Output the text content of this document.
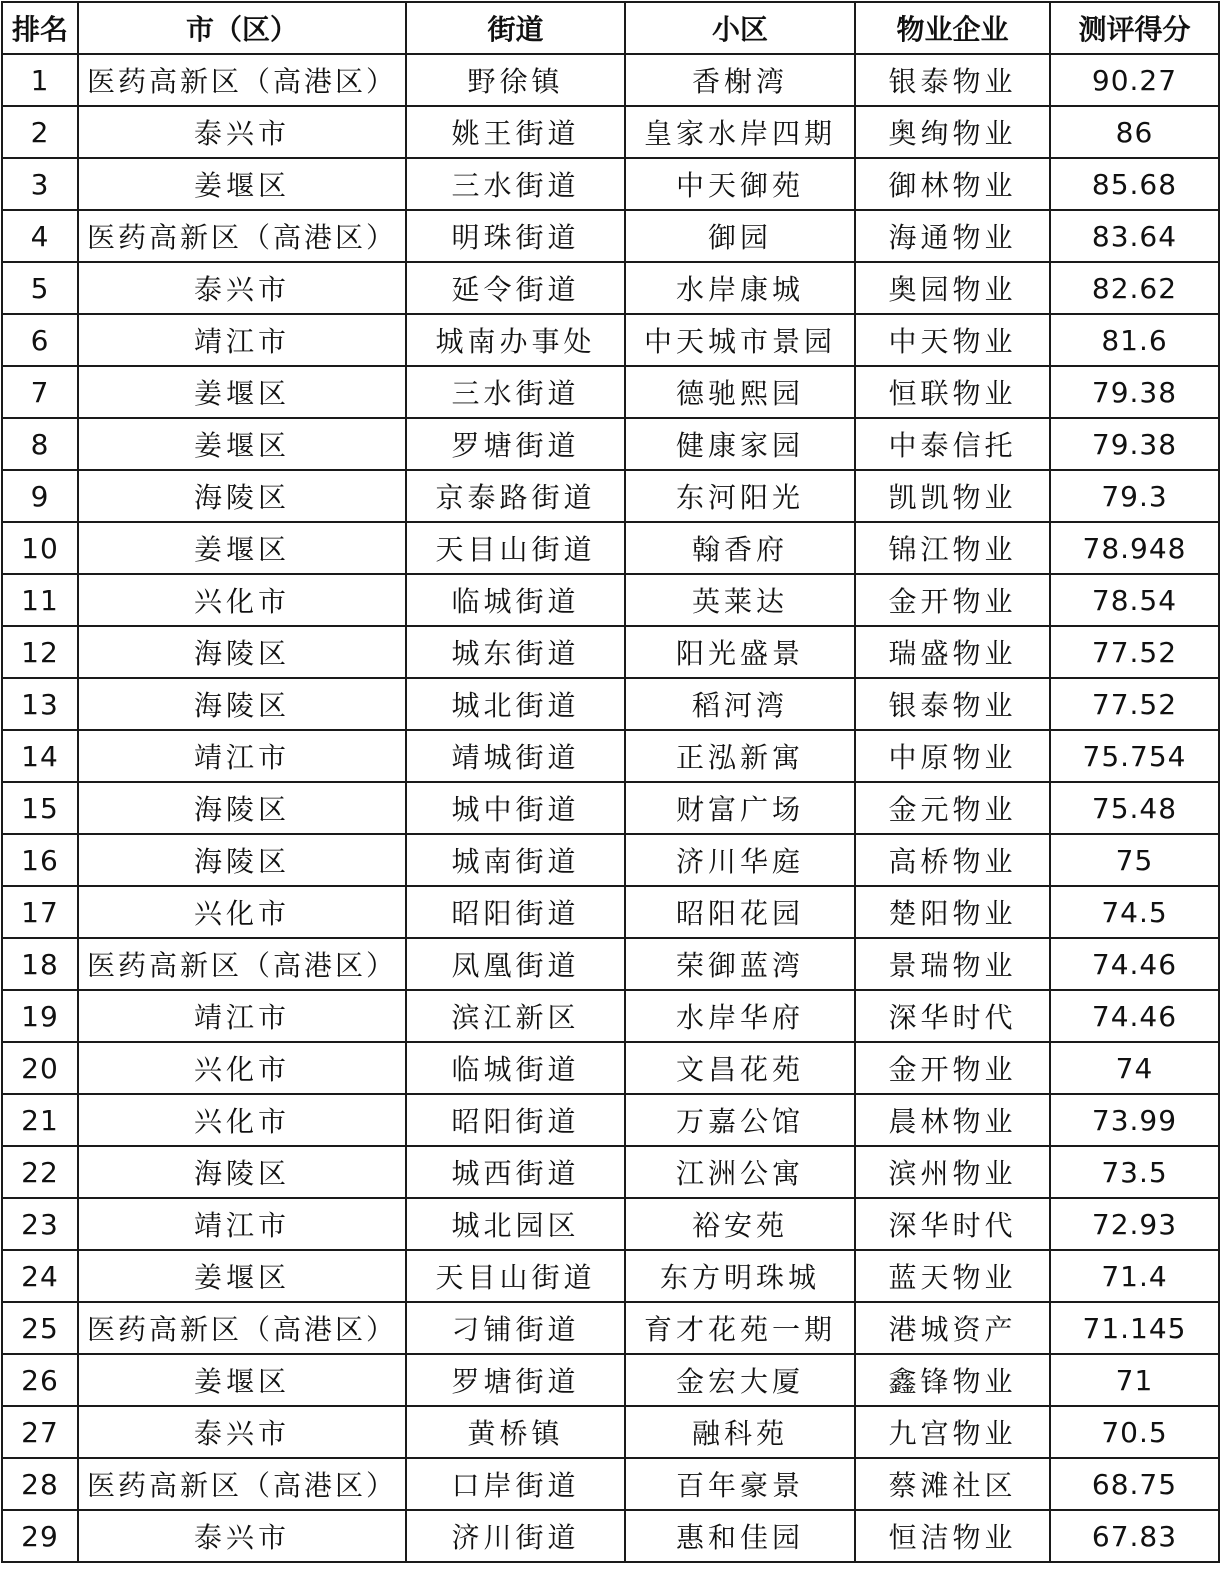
排名	市（区）	街道	小区	物业企业	测评得分
1	医药高新区（高港区）	野徐镇	香榭湾	银泰物业	90.27
2	泰兴市	姚王街道	皇家水岸四期	奥绚物业	86
3	姜堰区	三水街道	中天御苑	御林物业	85.68
4	医药高新区（高港区）	明珠街道	御园	海通物业	83.64
5	泰兴市	延令街道	水岸康城	奥园物业	82.62
6	靖江市	城南办事处	中天城市景园	中天物业	81.6
7	姜堰区	三水街道	德驰熙园	恒联物业	79.38
8	姜堰区	罗塘街道	健康家园	中泰信托	79.38
9	海陵区	京泰路街道	东河阳光	凯凯物业	79.3
10	姜堰区	天目山街道	翰香府	锦江物业	78.948
11	兴化市	临城街道	英莱达	金开物业	78.54
12	海陵区	城东街道	阳光盛景	瑞盛物业	77.52
13	海陵区	城北街道	稻河湾	银泰物业	77.52
14	靖江市	靖城街道	正泓新寓	中原物业	75.754
15	海陵区	城中街道	财富广场	金元物业	75.48
16	海陵区	城南街道	济川华庭	高桥物业	75
17	兴化市	昭阳街道	昭阳花园	楚阳物业	74.5
18	医药高新区（高港区）	凤凰街道	荣御蓝湾	景瑞物业	74.46
19	靖江市	滨江新区	水岸华府	深华时代	74.46
20	兴化市	临城街道	文昌花苑	金开物业	74
21	兴化市	昭阳街道	万嘉公馆	晨林物业	73.99
22	海陵区	城西街道	江洲公寓	滨州物业	73.5
23	靖江市	城北园区	裕安苑	深华时代	72.93
24	姜堰区	天目山街道	东方明珠城	蓝天物业	71.4
25	医药高新区（高港区）	刁铺街道	育才花苑一期	港城资产	71.145
26	姜堰区	罗塘街道	金宏大厦	鑫锋物业	71
27	泰兴市	黄桥镇	融科苑	九宫物业	70.5
28	医药高新区（高港区）	口岸街道	百年豪景	蔡滩社区	68.75
29	泰兴市	济川街道	惠和佳园	恒洁物业	67.83
